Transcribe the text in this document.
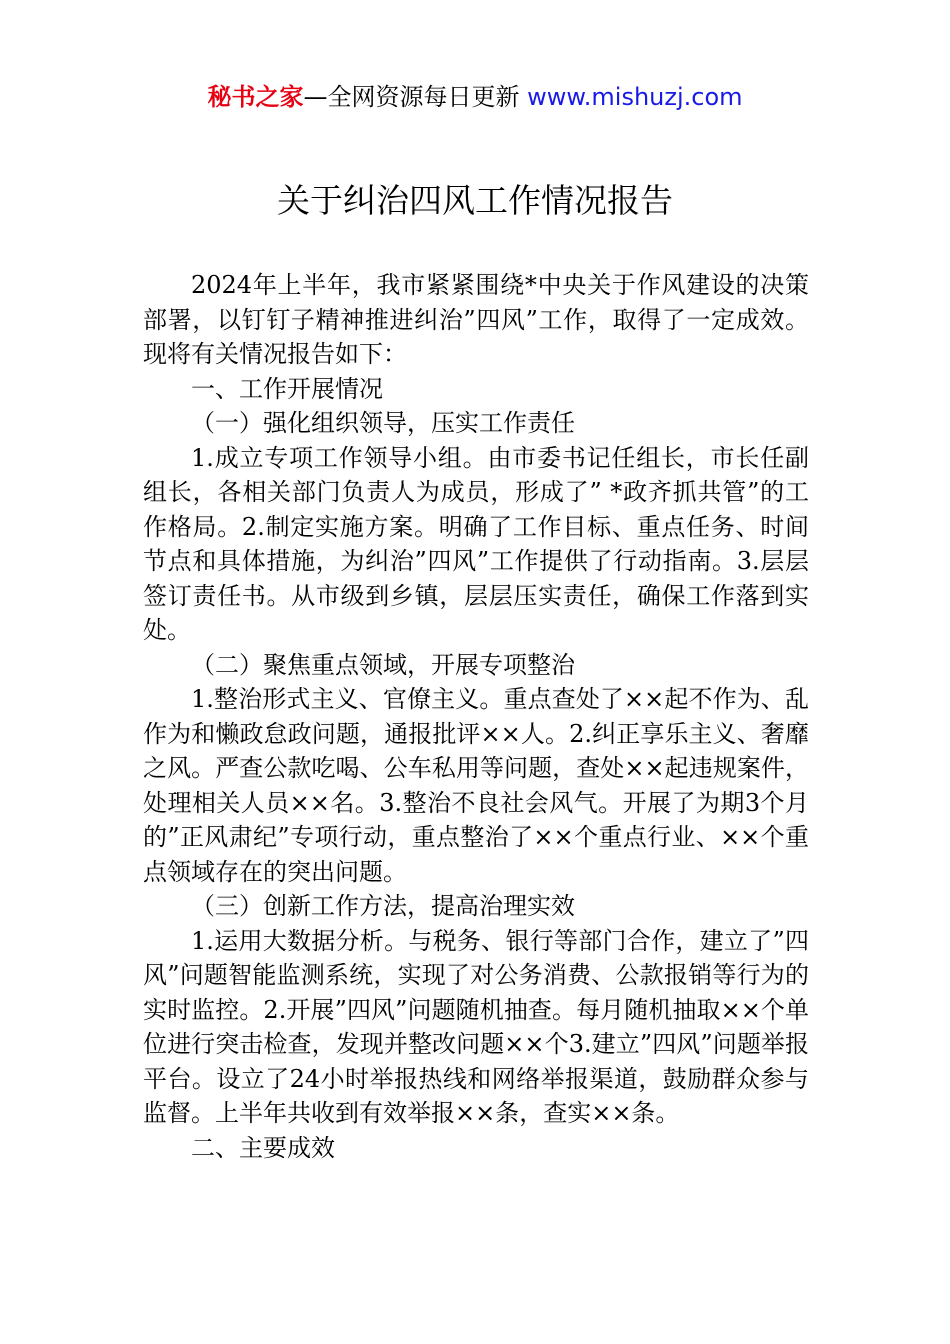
秘书之家—全网资源每日更新 www.mishuzj.com
关于纠治四风工作情况报告

2024年上半年，我市紧紧围绕*中央关于作风建设的决策部署，以钉钉子精神推进纠治”四风”工作，取得了一定成效。现将有关情况报告如下：

一、工作开展情况

（一）强化组织领导，压实工作责任

1.成立专项工作领导小组。由市委书记任组长，市长任副组长，各相关部门负责人为成员，形成了” *政齐抓共管”的工作格局。2.制定实施方案。明确了工作目标、重点任务、时间节点和具体措施，为纠治”四风”工作提供了行动指南。3.层层签订责任书。从市级到乡镇，层层压实责任，确保工作落到实处。

（二）聚焦重点领域，开展专项整治

1.整治形式主义、官僚主义。重点查处了××起不作为、乱作为和懒政怠政问题，通报批评××人。2.纠正享乐主义、奢靡之风。严查公款吃喝、公车私用等问题，查处××起违规案件，处理相关人员××名。3.整治不良社会风气。开展了为期3个月的”正风肃纪”专项行动，重点整治了××个重点行业、××个重点领域存在的突出问题。

（三）创新工作方法，提高治理实效

1.运用大数据分析。与税务、银行等部门合作，建立了”四风”问题智能监测系统，实现了对公务消费、公款报销等行为的实时监控。2.开展”四风”问题随机抽查。每月随机抽取××个单位进行突击检查，发现并整改问题××个3.建立”四风”问题举报平台。设立了24小时举报热线和网络举报渠道，鼓励群众参与监督。上半年共收到有效举报××条，查实××条。

二、主要成效
